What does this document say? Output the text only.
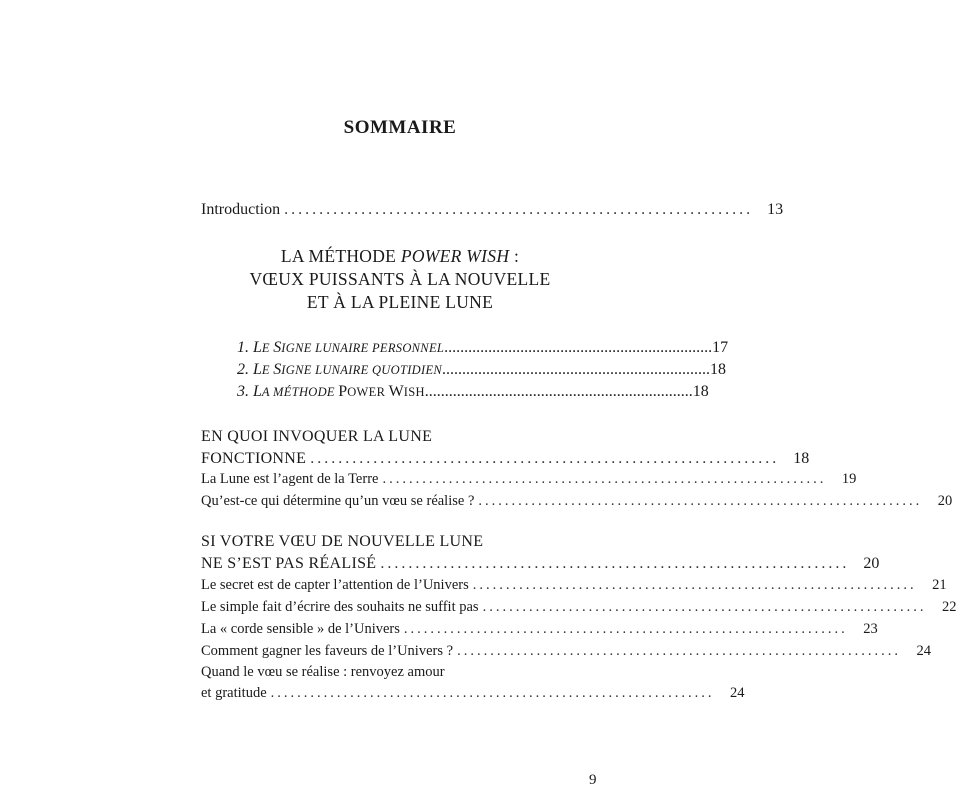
SOMMAIRE
Introduction ................................................................... 13
LA MÉTHODE POWER WISH :
VŒUX PUISSANTS À LA NOUVELLE
ET À LA PLEINE LUNE
1. LE SIGNE LUNAIRE PERSONNEL ................................................................... 17
2. LE SIGNE LUNAIRE QUOTIDIEN ................................................................... 18
3. LA MÉTHODE POWER WISH ................................................................... 18
EN QUOI INVOQUER LA LUNE
FONCTIONNE ................................................................... 18
La Lune est l’agent de la Terre ................................................................... 19
Qu’est-ce qui détermine qu’un vœu se réalise ? ................................................................... 20
SI VOTRE VŒU DE NOUVELLE LUNE
NE S’EST PAS RÉALISÉ ................................................................... 20
Le secret est de capter l’attention de l’Univers ................................................................... 21
Le simple fait d’écrire des souhaits ne suffit pas ................................................................... 22
La « corde sensible » de l’Univers ................................................................... 23
Comment gagner les faveurs de l’Univers ? ................................................................... 24
Quand le vœu se réalise : renvoyez amour
et gratitude ................................................................... 24
9
